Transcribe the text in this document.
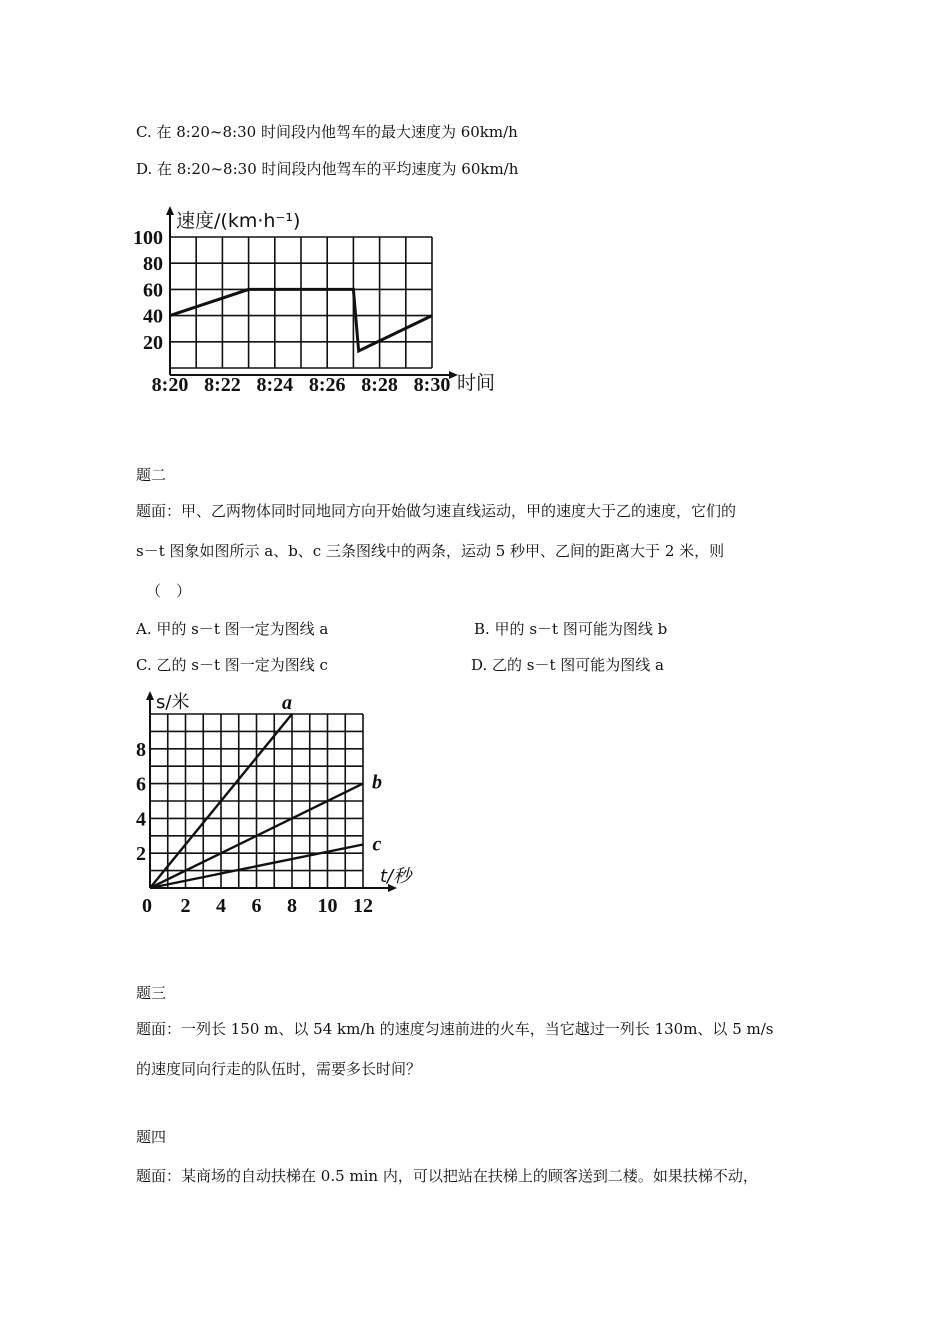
C. 在 8:20~8:30 时间段内他驾车的最大速度为 60km/h
D. 在 8:20~8:30 时间段内他驾车的平均速度为 60km/h
20
40
60
80
100
8:20 8:22 8:24 8:26 8:28 8:30
速度/(km·h⁻¹)
时间
题二
题面：甲、乙两物体同时同地同方向开始做匀速直线运动，甲的速度大于乙的速度，它们的
s－t 图象如图所示 a、b、c 三条图线中的两条，运动 5 秒甲、乙间的距离大于 2 米，则
（　）
A. 甲的 s－t 图一定为图线 a	B. 甲的 s－t 图可能为图线 b
C. 乙的 s－t 图一定为图线 c	D. 乙的 s－t 图可能为图线 a
2
4
6
8
0 2 4 6 8 10 12
a
b
c
s/米
t/秒
题三
题面：一列长 150 m、以 54 km/h 的速度匀速前进的火车，当它越过一列长 130m、以 5 m/s
的速度同向行走的队伍时，需要多长时间？
题四
题面：某商场的自动扶梯在 0.5 min 内，可以把站在扶梯上的顾客送到二楼。如果扶梯不动，
